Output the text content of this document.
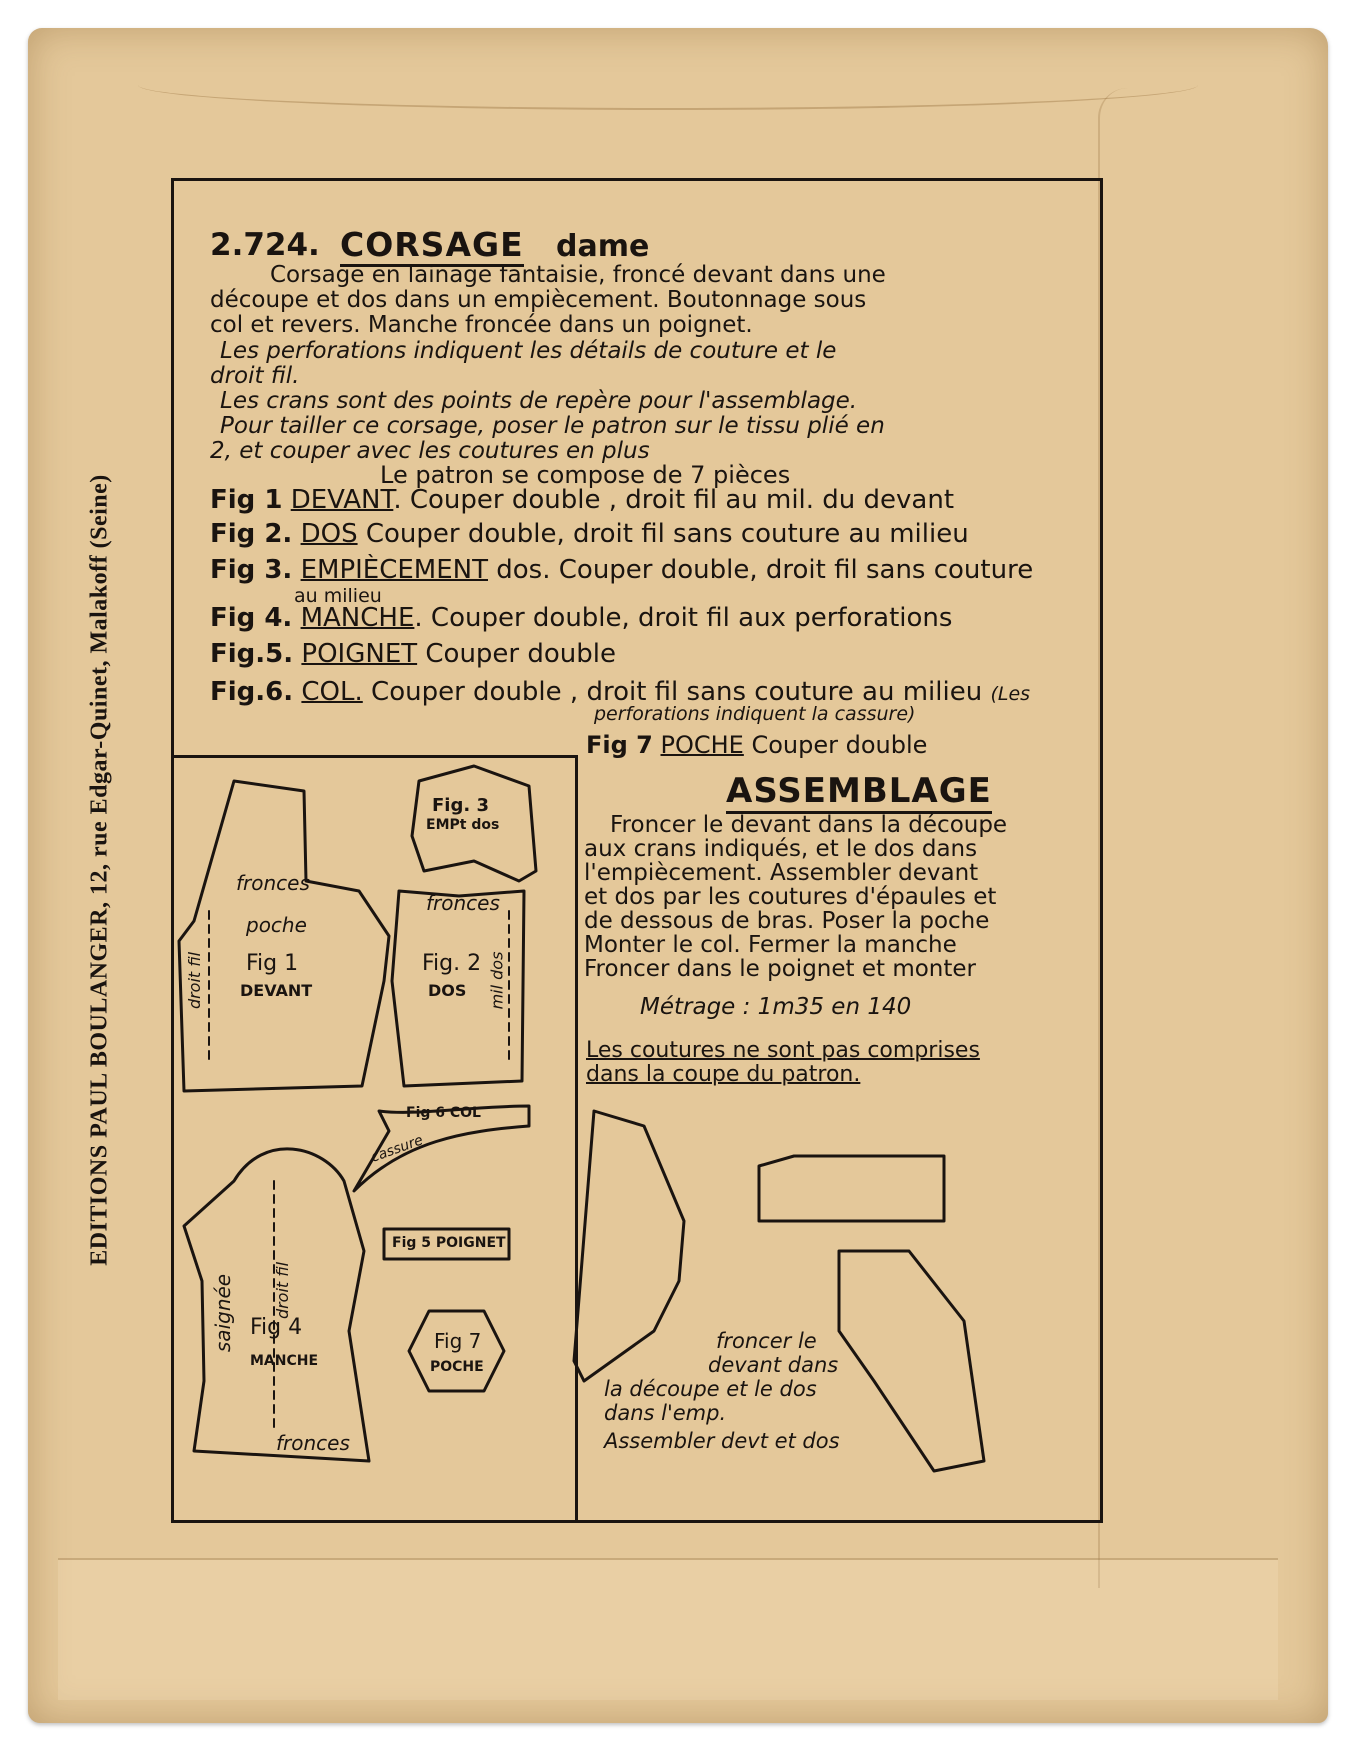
EDITIONS PAUL BOULANGER, 12, rue Edgar-Quinet, Malakoff (Seine)
2.724. CORSAGE dame
Corsage en lainage fantaisie, froncé devant dans une
découpe et dos dans un empiècement. Boutonnage sous
col et revers. Manche froncée dans un poignet.
Les perforations indiquent les détails de couture et le
droit fil.
Les crans sont des points de repère pour l'assemblage.
Pour tailler ce corsage, poser le patron sur le tissu plié en
2, et couper avec les coutures en plus
Le patron se compose de 7 pièces
Fig 1 DEVANT. Couper double , droit fil au mil. du devant
Fig 2. DOS Couper double, droit fil sans couture au milieu
Fig 3. EMPIÈCEMENT dos. Couper double, droit fil sans couture
au milieu
Fig 4. MANCHE. Couper double, droit fil aux perforations
Fig.5. POIGNET Couper double
Fig.6. COL. Couper double , droit fil sans couture au milieu (Les
perforations indiquent la cassure)
Fig 7 POCHE Couper double
ASSEMBLAGE
Froncer le devant dans la découpe
aux crans indiqués, et le dos dans
l'empiècement. Assembler devant
et dos par les coutures d'épaules et
de dessous de bras. Poser la poche
Monter le col. Fermer la manche
Froncer dans le poignet et monter
Métrage : 1m35 en 140
Les coutures ne sont pas comprises
dans la coupe du patron.
Fig. 3
EMPt dos
fronces
poche
Fig 1
DEVANT
droit fil
fronces
Fig. 2
DOS mil dos
Fig 6 COL
cassure
Fig 5 POIGNET
droit fil
saignée Fig 4
MANCHE
fronces
Fig 7
POCHE
froncer le
devant dans
la découpe et le dos
dans l'emp.
Assembler devt et dos
